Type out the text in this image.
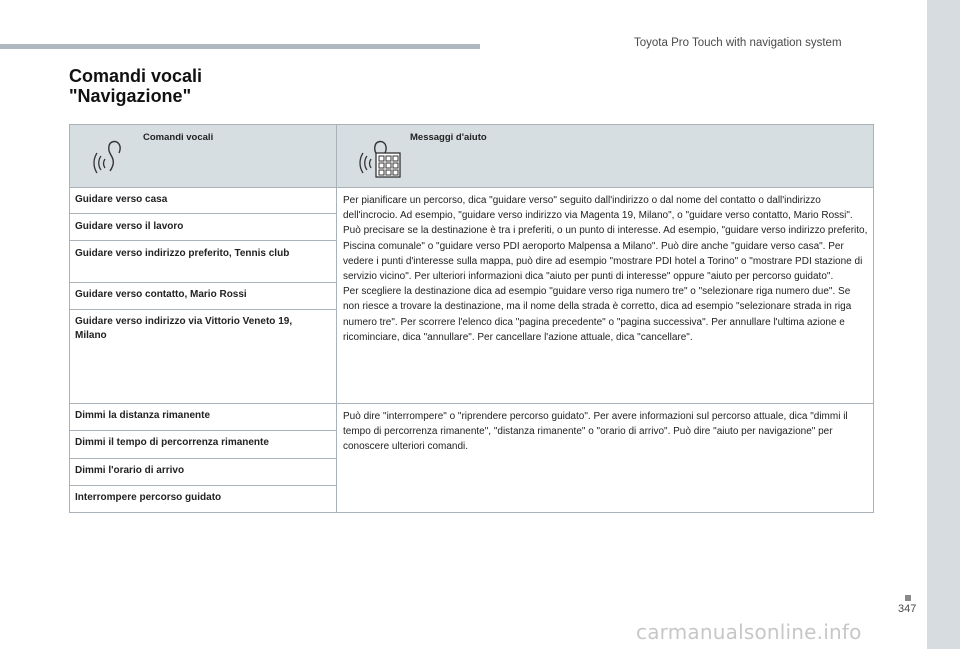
Toyota Pro Touch with navigation system
Comandi vocali
"Navigazione"
Comandi vocali	Messaggi d'aiuto
Guidare verso casa
Guidare verso il lavoro
Guidare verso indirizzo preferito, Tennis club
Guidare verso contatto, Mario Rossi
Guidare verso indirizzo via Vittorio Veneto 19, Milano
Per pianificare un percorso, dica "guidare verso" seguito dall'indirizzo o dal nome del contatto o dall'indirizzo dell'incrocio. Ad esempio, "guidare verso indirizzo via Magenta 19, Milano", o "guidare verso contatto, Mario Rossi". Può precisare se la destinazione è tra i preferiti, o un punto di interesse. Ad esempio, "guidare verso indirizzo preferito, Piscina comunale" o "guidare verso PDI aeroporto Malpensa a Milano". Può dire anche "guidare verso casa". Per vedere i punti d'interesse sulla mappa, può dire ad esempio "mostrare PDI hotel a Torino" o "mostrare PDI stazione di servizio vicino". Per ulteriori informazioni dica "aiuto per punti di interesse" oppure "aiuto per percorso guidato".
Per scegliere la destinazione dica ad esempio "guidare verso riga numero tre" o "selezionare riga numero due". Se non riesce a trovare la destinazione, ma il nome della strada è corretto, dica ad esempio "selezionare strada in riga numero tre". Per scorrere l'elenco dica "pagina precedente" o "pagina successiva". Per annullare l'ultima azione e ricominciare, dica "annullare". Per cancellare l'azione attuale, dica "cancellare".
Dimmi la distanza rimanente
Dimmi il tempo di percorrenza rimanente
Dimmi l'orario di arrivo
Interrompere percorso guidato
Può dire "interrompere" o "riprendere percorso guidato". Per avere informazioni sul percorso attuale, dica "dimmi il tempo di percorrenza rimanente", "distanza rimanente" o "orario di arrivo". Può dire "aiuto per navigazione" per conoscere ulteriori comandi.
347
carmanualsonline.info
